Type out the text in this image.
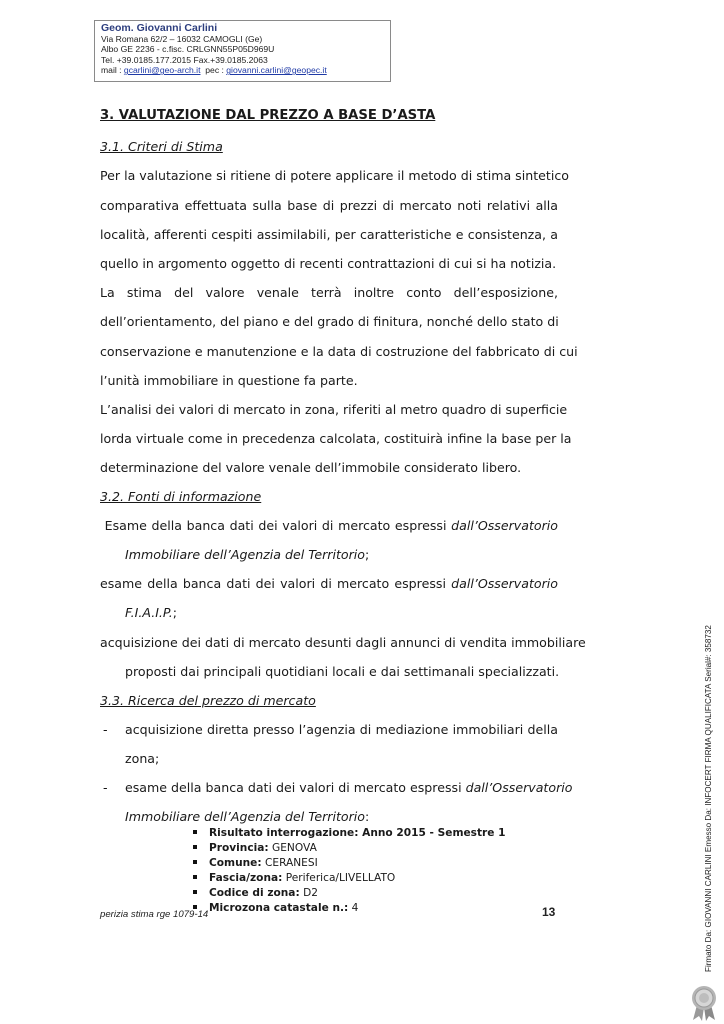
Geom. Giovanni Carlini
Via Romana 62/2 – 16032 CAMOGLI (Ge)
Albo GE 2236 - c.fisc. CRLGNN55P05D969U
Tel. +39.0185.177.2015 Fax.+39.0185.2063
mail : gcarlini@geo-arch.it  pec : giovanni.carlini@geopec.it
3. VALUTAZIONE DAL PREZZO A BASE D’ASTA
3.1. Criteri di Stima
Per la valutazione si ritiene di potere applicare il metodo di stima sintetico
comparativa effettuata sulla base di prezzi di mercato noti relativi alla
località, afferenti cespiti assimilabili, per caratteristiche e consistenza, a
quello in argomento oggetto di recenti contrattazioni di cui si ha notizia.
La stima del valore venale terrà inoltre conto dell’esposizione,
dell’orientamento, del piano e del grado di finitura, nonché dello stato di
conservazione e manutenzione e la data di costruzione del fabbricato di cui
l’unità immobiliare in questione fa parte.
L’analisi dei valori di mercato in zona, riferiti al metro quadro di superficie
lorda virtuale come in precedenza calcolata, costituirà infine la base per la
determinazione del valore venale dell’immobile considerato libero.
3.2. Fonti di informazione
Esame della banca dati dei valori di mercato espressi dall’Osservatorio
Immobiliare dell’Agenzia del Territorio;
esame della banca dati dei valori di mercato espressi dall’Osservatorio
F.I.A.I.P.;
acquisizione dei dati di mercato desunti dagli annunci di vendita immobiliare
proposti dai principali quotidiani locali e dai settimanali specializzati.
3.3. Ricerca del prezzo di mercato
- acquisizione diretta presso l’agenzia di mediazione immobiliari della
zona;
- esame della banca dati dei valori di mercato espressi dall’Osservatorio
Immobiliare dell’Agenzia del Territorio:
Risultato interrogazione: Anno 2015 - Semestre 1
Provincia: GENOVA
Comune: CERANESI
Fascia/zona: Periferica/LIVELLATO
Codice di zona: D2
Microzona catastale n.: 4
perizia stima rge 1079-14	13	Firmato Da: GIOVANNI CARLINI Emesso Da: INFOCERT FIRMA QUALIFICATA Serial#: 358732
